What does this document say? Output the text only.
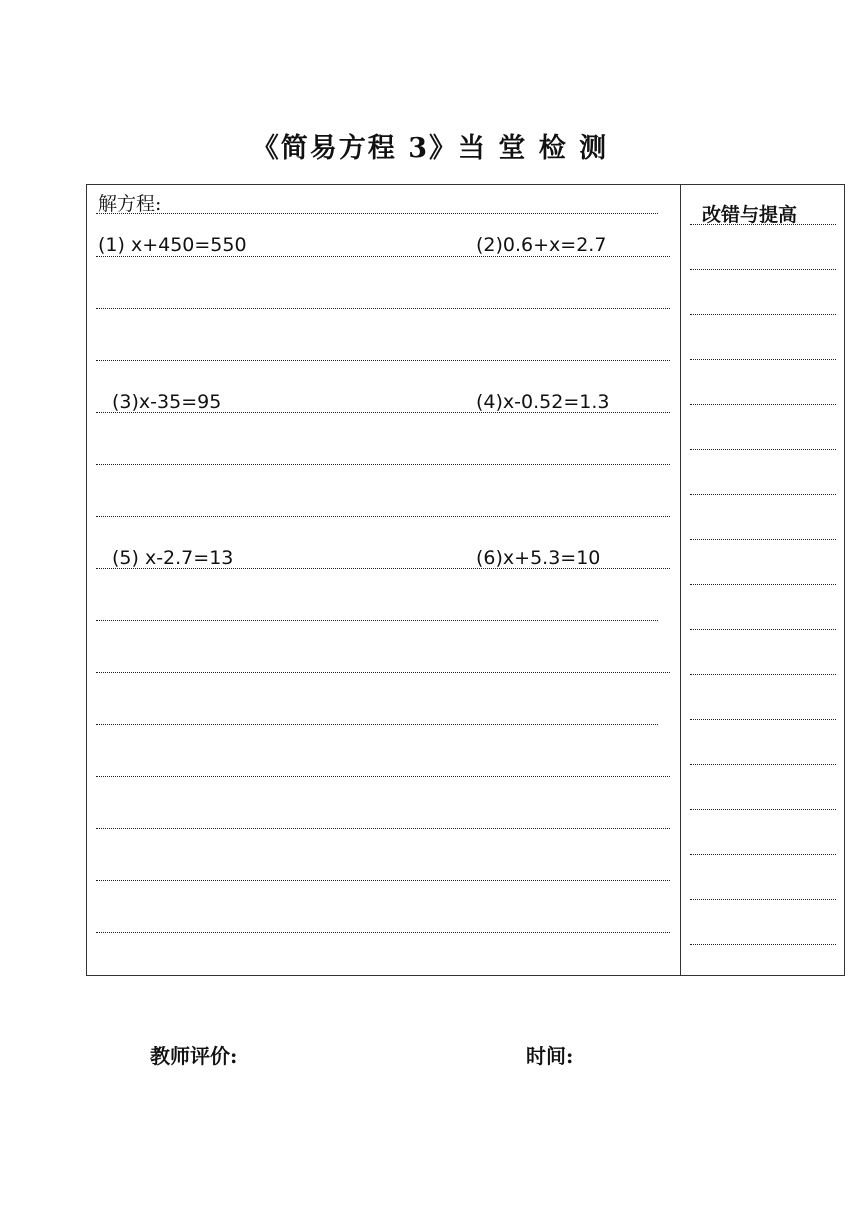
《简易方程 3》当 堂 检 测
解方程:
(1) x+450=550	(2)0.6+x=2.7
(3)x-35=95	(4)x-0.52=1.3
(5) x-2.7=13	(6)x+5.3=10
改错与提高
教师评价:	时间:
